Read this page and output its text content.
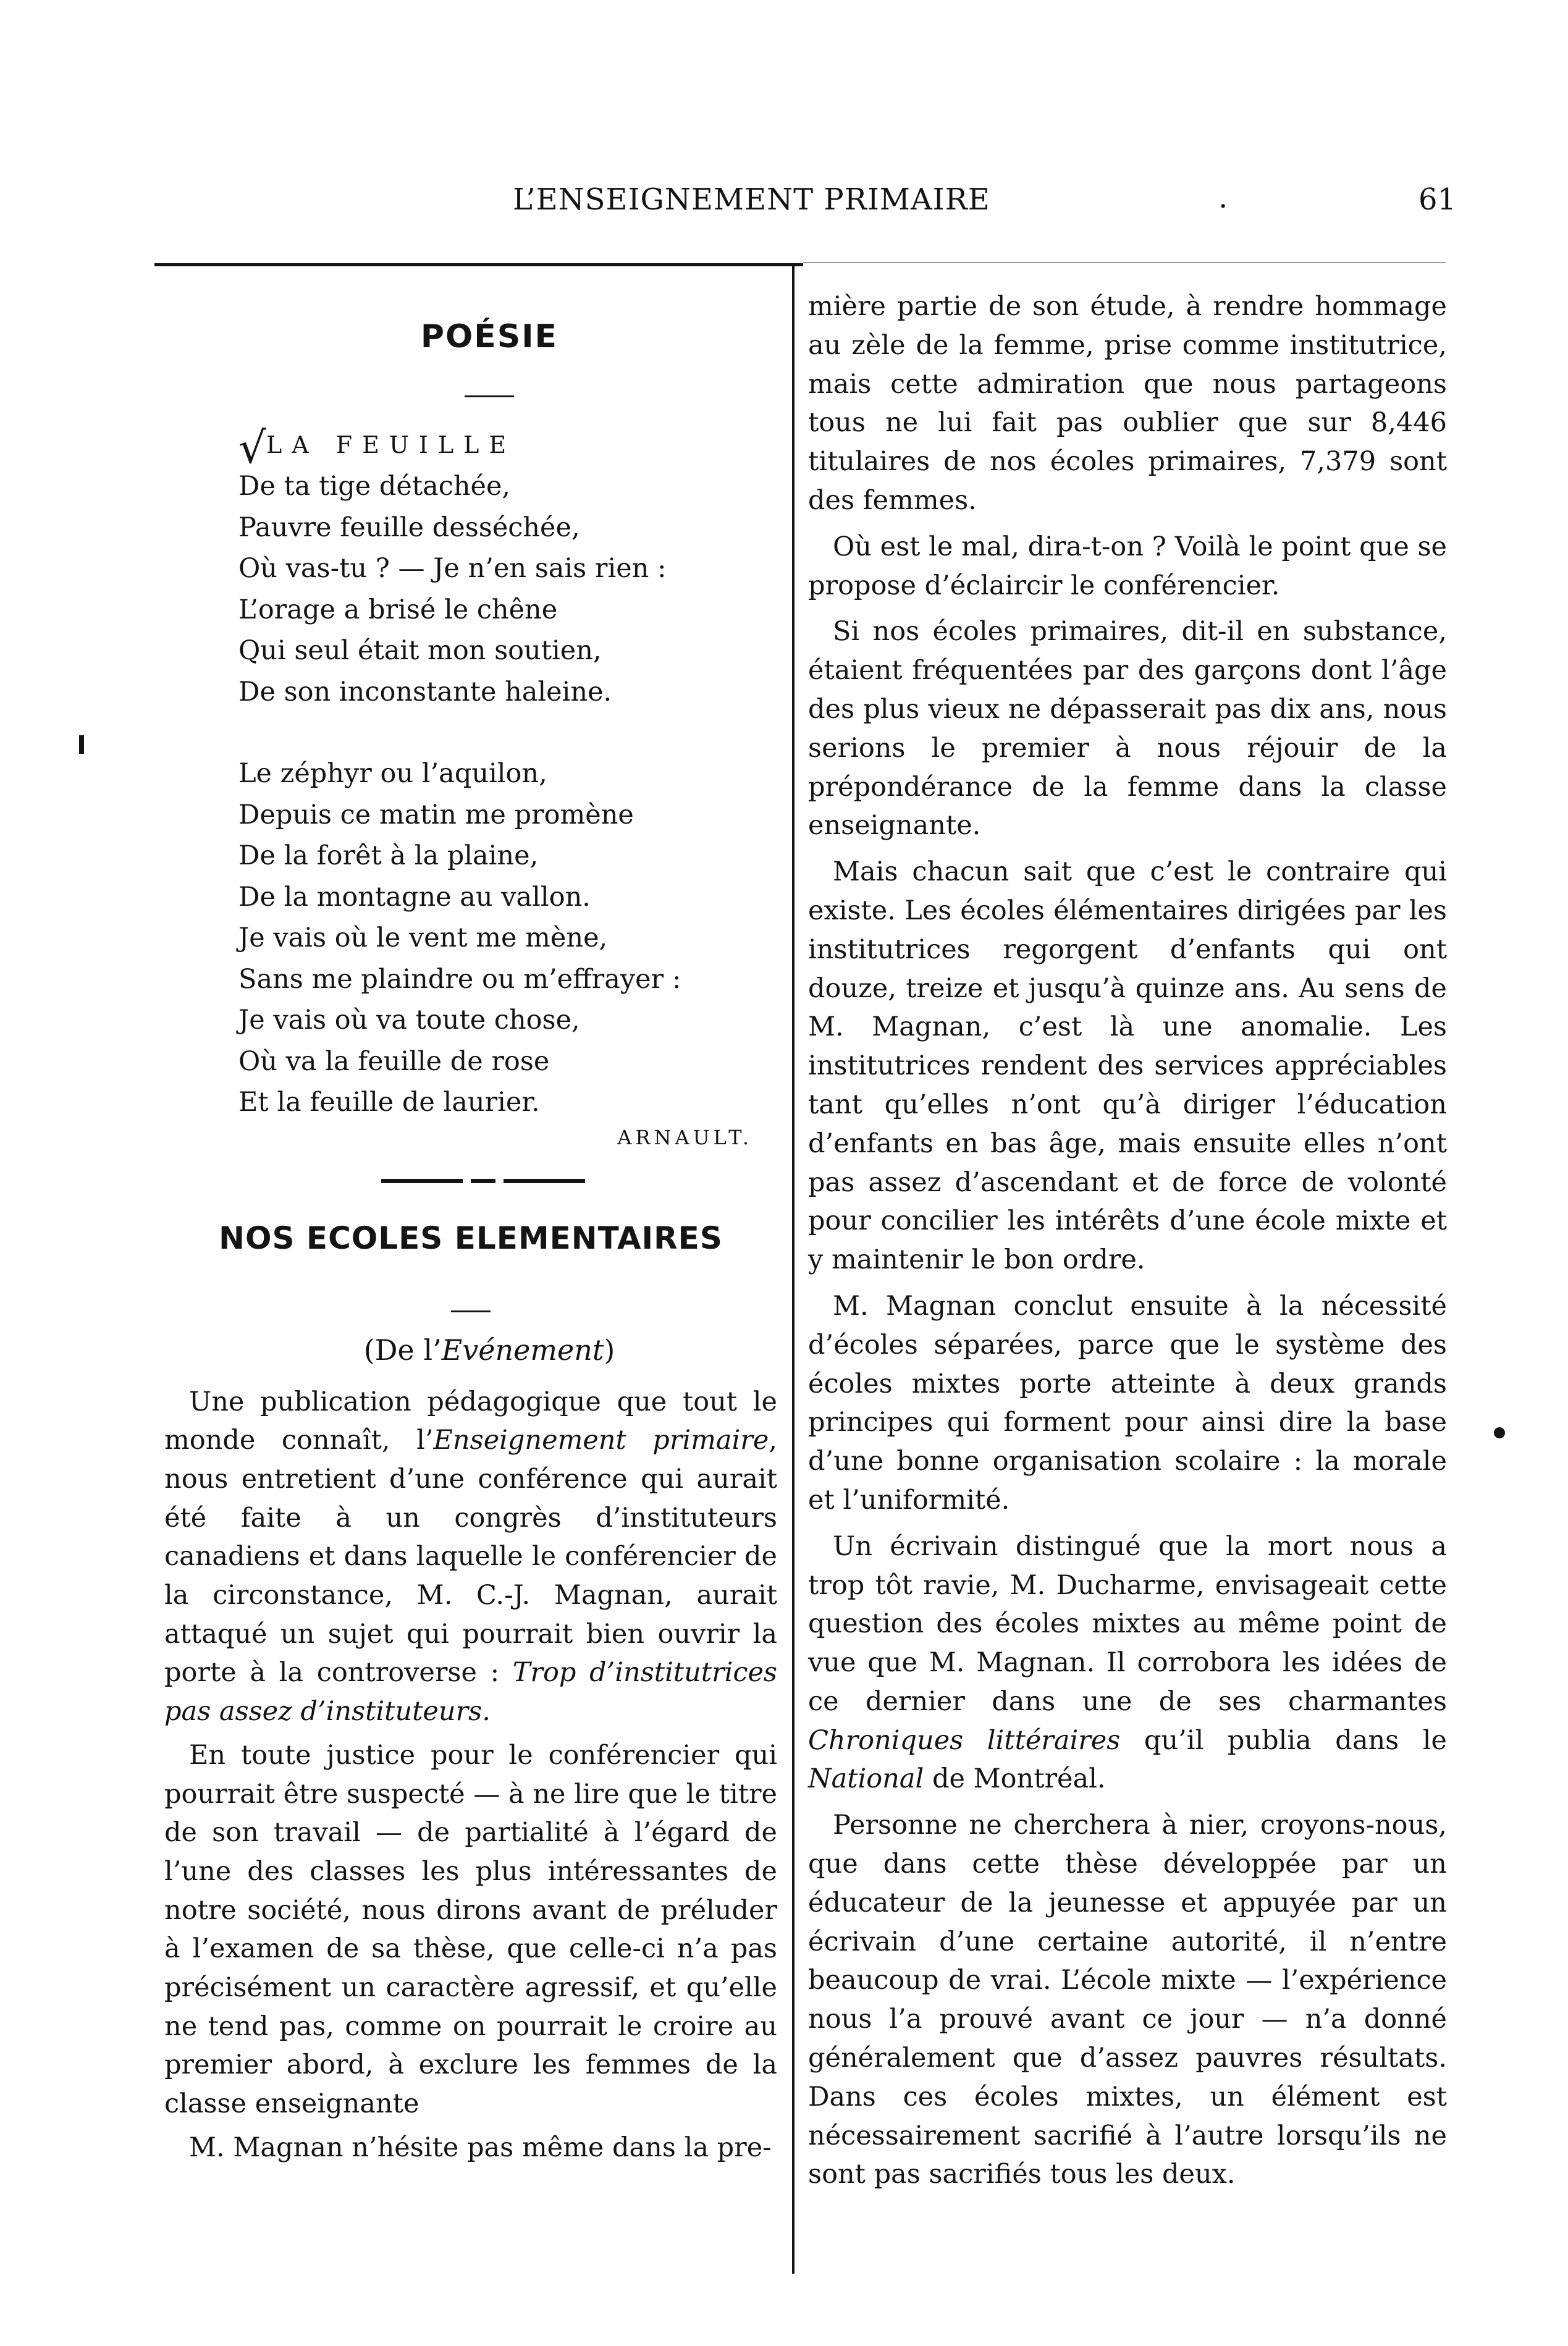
L’ENSEIGNEMENT PRIMAIRE	.	61
POÉSIE
√
LA FEUILLE
De ta tige détachée,
Pauvre feuille desséchée,
Où vas-tu ? — Je n’en sais rien :
L’orage a brisé le chêne
Qui seul était mon soutien,
De son inconstante haleine.
Le zéphyr ou l’aquilon,
Depuis ce matin me promène
De la forêt à la plaine,
De la montagne au vallon.
Je vais où le vent me mène,
Sans me plaindre ou m’effrayer :
Je vais où va toute chose,
Où va la feuille de rose
Et la feuille de laurier.
ARNAULT.
NOS ECOLES ELEMENTAIRES
(De l’Evénement)

Une publication pédagogique que tout le monde connaît, l’Enseignement primaire, nous entretient d’une conférence qui aurait été faite à un congrès d’instituteurs canadiens et dans laquelle le conférencier de la circonstance, M. C.-J. Magnan, aurait attaqué un sujet qui pourrait bien ouvrir la porte à la controverse : Trop d’institutrices pas assez d’instituteurs.

En toute justice pour le conférencier qui pourrait être suspecté — à ne lire que le titre de son travail — de partialité à l’égard de l’une des classes les plus intéressantes de notre société, nous dirons avant de préluder à l’examen de sa thèse, que celle-ci n’a pas précisément un caractère agressif, et qu’elle ne tend pas, comme on pourrait le croire au premier abord, à exclure les femmes de la classe enseignante

M. Magnan n’hésite pas même dans la pre-

mière partie de son étude, à rendre hommage au zèle de la femme, prise comme institutrice, mais cette admiration que nous partageons tous ne lui fait pas oublier que sur 8,446 titulaires de nos écoles primaires, 7,379 sont des femmes.

Où est le mal, dira-t-on ? Voilà le point que se propose d’éclaircir le conférencier.

Si nos écoles primaires, dit-il en substance, étaient fréquentées par des garçons dont l’âge des plus vieux ne dépasserait pas dix ans, nous serions le premier à nous réjouir de la prépondérance de la femme dans la classe enseignante.

Mais chacun sait que c’est le contraire qui existe. Les écoles élémentaires dirigées par les institutrices regorgent d’enfants qui ont douze, treize et jusqu’à quinze ans. Au sens de M. Magnan, c’est là une anomalie. Les institutrices rendent des services appréciables tant qu’elles n’ont qu’à diriger l’éducation d’enfants en bas âge, mais ensuite elles n’ont pas assez d’ascendant et de force de volonté pour concilier les intérêts d’une école mixte et y maintenir le bon ordre.

M. Magnan conclut ensuite à la nécessité d’écoles séparées, parce que le système des écoles mixtes porte atteinte à deux grands principes qui forment pour ainsi dire la base d’une bonne organisation scolaire : la morale et l’uniformité.

Un écrivain distingué que la mort nous a trop tôt ravie, M. Ducharme, envisageait cette question des écoles mixtes au même point de vue que M. Magnan. Il corrobora les idées de ce dernier dans une de ses charmantes Chroniques littéraires qu’il publia dans le National de Montréal.

Personne ne cherchera à nier, croyons-nous, que dans cette thèse développée par un éducateur de la jeunesse et appuyée par un écrivain d’une certaine autorité, il n’entre beaucoup de vrai. L’école mixte — l’expérience nous l’a prouvé avant ce jour — n’a donné généralement que d’assez pauvres résultats. Dans ces écoles mixtes, un élément est nécessairement sacrifié à l’autre lorsqu’ils ne sont pas sacrifiés tous les deux.
